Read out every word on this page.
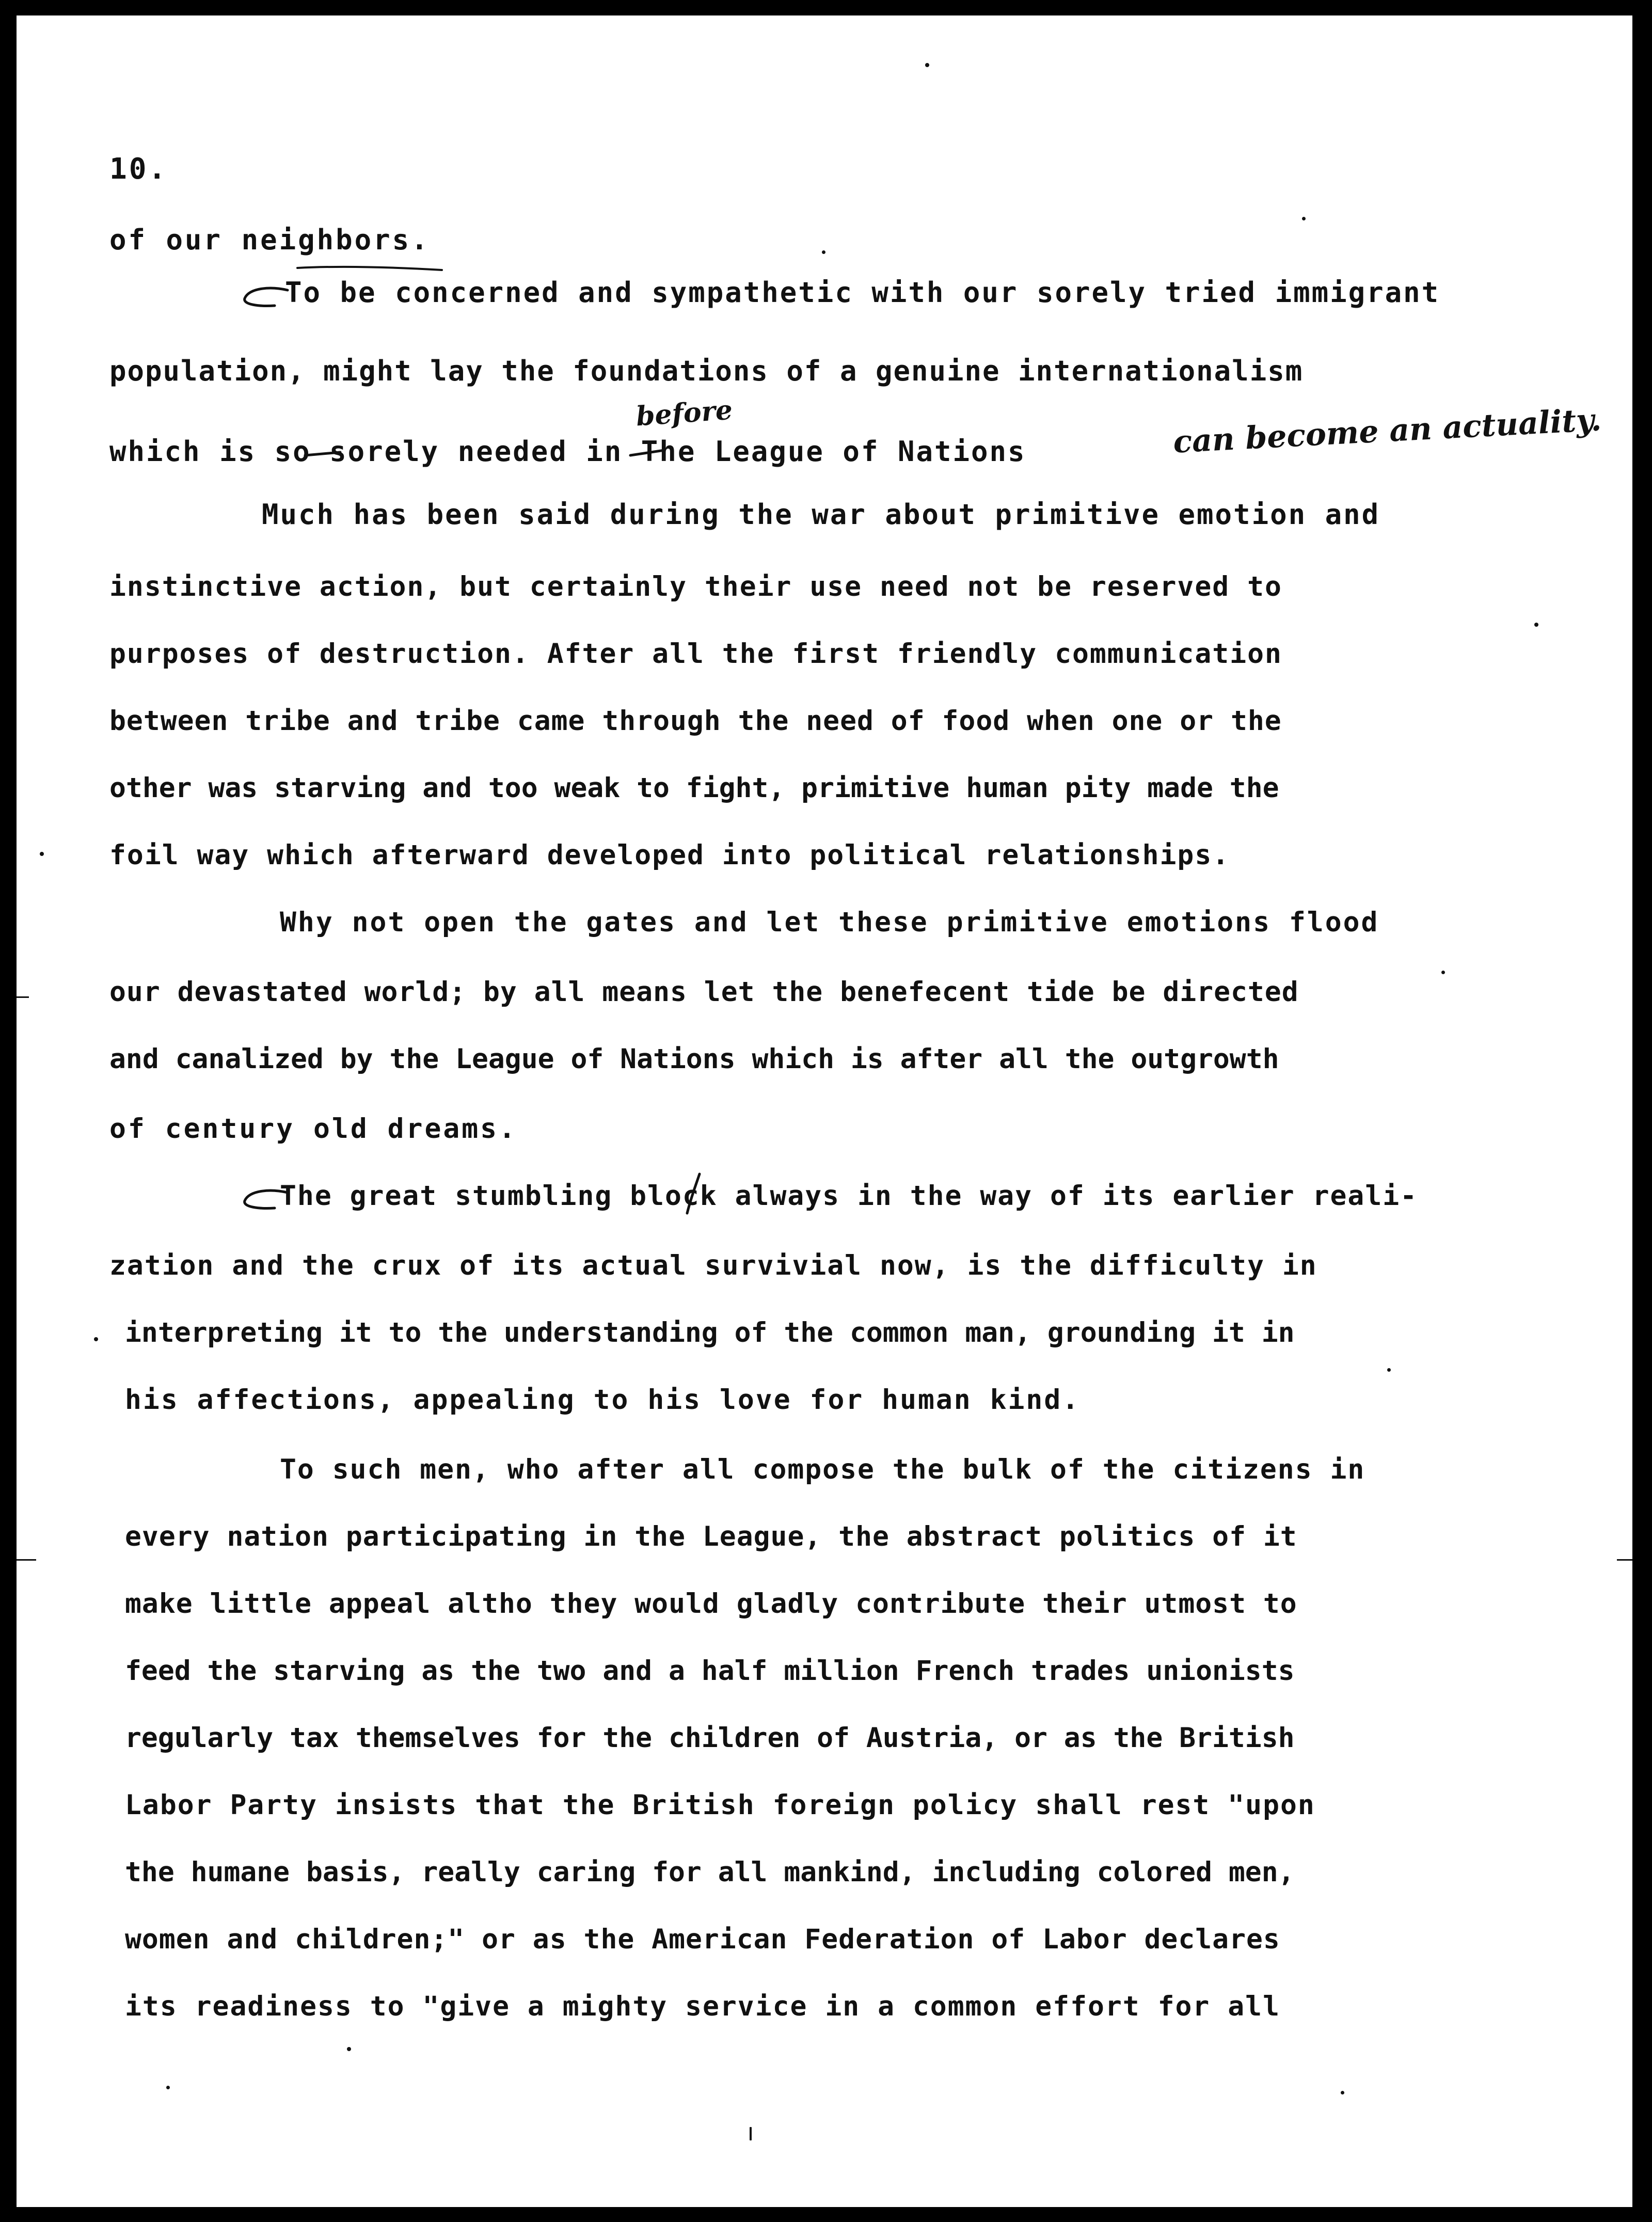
10.
of our neighbors.
To be concerned and sympathetic with our sorely tried immigrant
population, might lay the foundations of a genuine internationalism
which is so sorely needed in The League of Nations
Much has been said during the war about primitive emotion and
instinctive action, but certainly their use need not be reserved to
purposes of destruction. After all the first friendly communication
between tribe and tribe came through the need of food when one or the
other was starving and too weak to fight, primitive human pity made the
foil way which afterward developed into political relationships.
Why not open the gates and let these primitive emotions flood
our devastated world; by all means let the benefecent tide be directed
and canalized by the League of Nations which is after all the outgrowth
of century old dreams.
The great stumbling block always in the way of its earlier reali-
zation and the crux of its actual survivial now, is the difficulty in
interpreting it to the understanding of the common man, grounding it in
his affections, appealing to his love for human kind.
To such men, who after all compose the bulk of the citizens in
every nation participating in the League, the abstract politics of it
make little appeal altho they would gladly contribute their utmost to
feed the starving as the two and a half million French trades unionists
regularly tax themselves for the children of Austria, or as the British
Labor Party insists that the British foreign policy shall rest "upon
the humane basis, really caring for all mankind, including colored men,
women and children;" or as the American Federation of Labor declares
its readiness to "give a mighty service in a common effort for all
before	can become an actuality.
